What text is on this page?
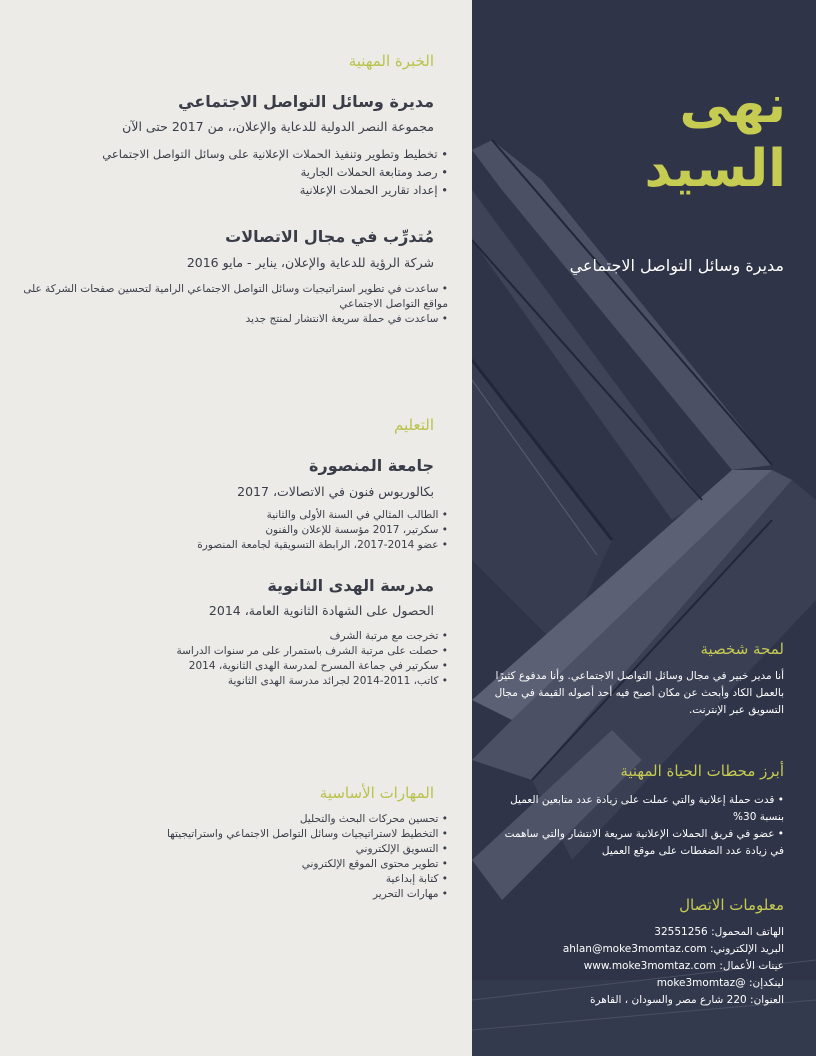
الخبرة المهنية
مديرة وسائل التواصل الاجتماعي
مجموعة النصر الدولية للدعاية والإعلان،، من 2017 حتى الآن
• تخطيط وتطوير وتنفيذ الحملات الإعلانية على وسائل التواصل الاجتماعي
• رصد ومتابعة الحملات الجارية
• إعداد تقارير الحملات الإعلانية
مُتدرِّب في مجال الاتصالات
شركة الرؤية للدعاية والإعلان، يناير - مايو 2016
• ساعدت في تطوير استراتيجيات وسائل التواصل الاجتماعي الرامية لتحسين صفحات الشركة على مواقع التواصل الاجتماعي
• ساعدت في حملة سريعة الانتشار لمنتج جديد
التعليم
جامعة المنصورة
بكالوريوس فنون في الاتصالات، 2017
• الطالب المثالي في السنة الأولى والثانية
• سكرتير، 2017 مؤسسة للإعلان والفنون
• عضو 2014-2017، الرابطة التسويقية لجامعة المنصورة
مدرسة الهدى الثانوية
الحصول على الشهادة الثانوية العامة، 2014
• تخرجت مع مرتبة الشرف
• حصلت على مرتبة الشرف باستمرار على مر سنوات الدراسة
• سكرتير في جماعة المسرح لمدرسة الهدى الثانوية، 2014
• كاتب، 2011-2014 لجرائد مدرسة الهدى الثانوية
المهارات الأساسية
• تحسين محركات البحث والتحليل
• التخطيط لاستراتيجيات وسائل التواصل الاجتماعي واستراتيجيتها
• التسويق الإلكتروني
• تطوير محتوى الموقع الإلكتروني
• كتابة إبداعية
• مهارات التحرير
نهى
السيد
مديرة وسائل التواصل الاجتماعي
لمحة شخصية
أنا مدير خبير في مجال وسائل التواصل الاجتماعي. وأنا مدفوع كثيرًا بالعمل الكاد وأبحث عن مكان أصبح فيه أحد أصوله القيمة في مجال التسويق عبر الإنترنت.
أبرز محطات الحياة المهنية
• قدت حملة إعلانية والتي عملت على زيادة عدد متابعين العميل بنسبة 30%
• عضو في فريق الحملات الإعلانية سريعة الانتشار والتي ساهمت في زيادة عدد الضغطات على موقع العميل
معلومات الاتصال
الهاتف المحمول: 32551256
البريد الإلكتروني: ahlan@moke3momtaz.com
عينات الأعمال: www.moke3momtaz.com
لينكدإن: @moke3momtaz
العنوان: 220 شارع مصر والسودان ، القاهرة
